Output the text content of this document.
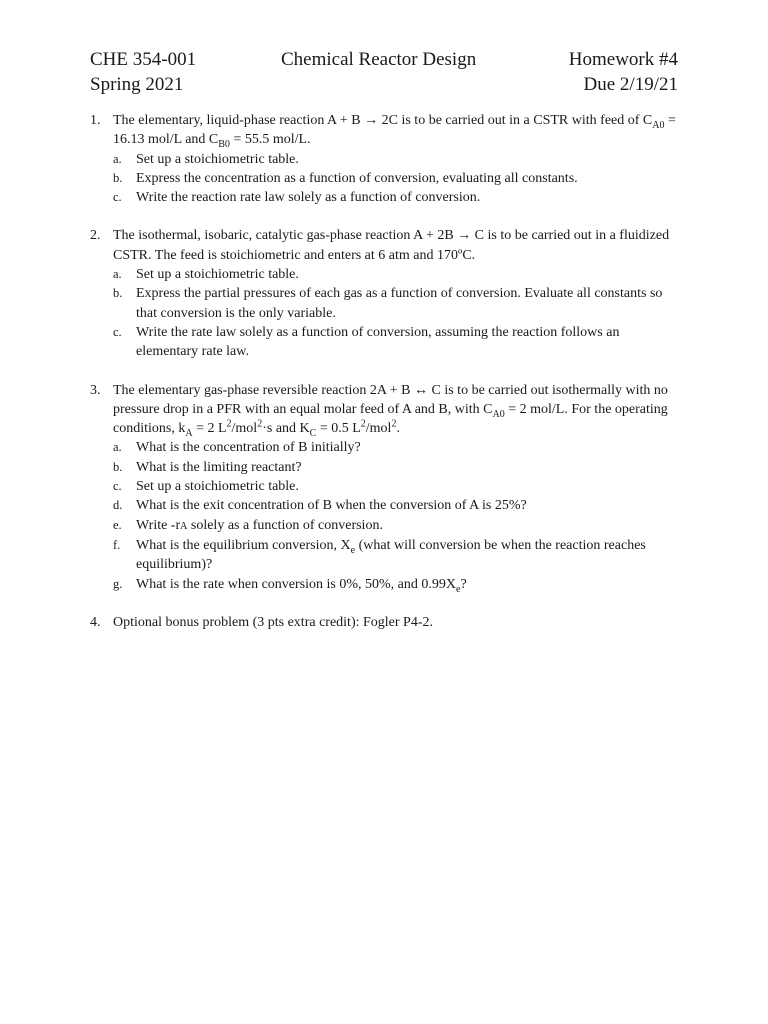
CHE 354-001	Chemical Reactor Design	Homework #4
Spring 2021	Due 2/19/21
1. The elementary, liquid-phase reaction A + B → 2C is to be carried out in a CSTR with feed of $C_{A0} = 16.13$ mol/L and $C_{B0} = 55.5$ mol/L.
a. Set up a stoichiometric table.
b. Express the concentration as a function of conversion, evaluating all constants.
c. Write the reaction rate law solely as a function of conversion.
2. The isothermal, isobaric, catalytic gas-phase reaction A + 2B → C is to be carried out in a fluidized CSTR. The feed is stoichiometric and enters at 6 atm and 170ºC.
a. Set up a stoichiometric table.
b. Express the partial pressures of each gas as a function of conversion. Evaluate all constants so that conversion is the only variable.
c. Write the rate law solely as a function of conversion, assuming the reaction follows an elementary rate law.
3. The elementary gas-phase reversible reaction 2A + B ↔ C is to be carried out isothermally with no pressure drop in a PFR with an equal molar feed of A and B, with $C_{A0} = 2$ mol/L. For the operating conditions, $k_A = 2$ $L^2/mol^2\cdot s$ and $K_C = 0.5$ $L^2/mol^2$.
a. What is the concentration of B initially?
b. What is the limiting reactant?
c. Set up a stoichiometric table.
d. What is the exit concentration of B when the conversion of A is 25%?
e. Write -rA solely as a function of conversion.
f. What is the equilibrium conversion, $X_e$ (what will conversion be when the reaction reaches equilibrium)?
g. What is the rate when conversion is 0%, 50%, and $0.99X_e$?
4. Optional bonus problem (3 pts extra credit): Fogler P4-2.
